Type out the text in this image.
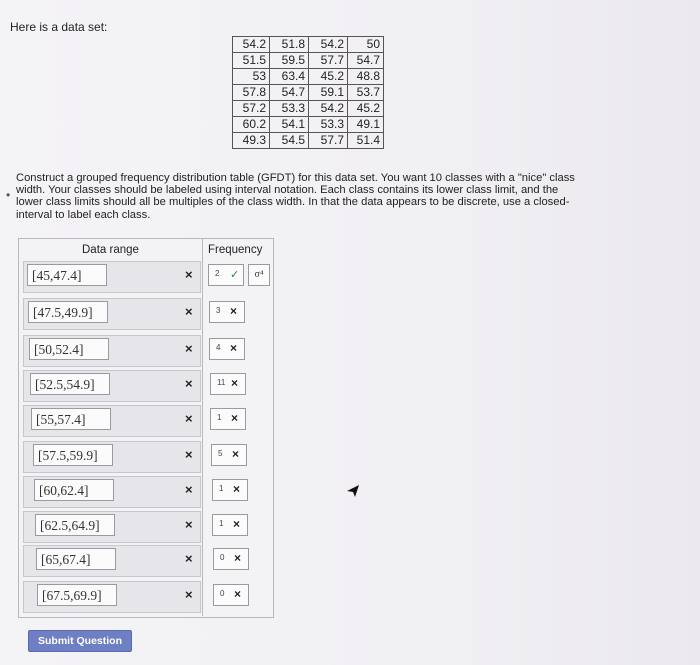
Here is a data set:
54.2	51.8	54.2	50
51.5	59.5	57.7	54.7
53	63.4	45.2	48.8
57.8	54.7	59.1	53.7
57.2	53.3	54.2	45.2
60.2	54.1	53.3	49.1
49.3	54.5	57.7	51.4
•
Construct a grouped frequency distribution table (GFDT) for this data set. You want 10 classes with a "nice" class width. Your classes should be labeled using interval notation. Each class contains its lower class limit, and the lower class limits should all be multiples of the class width. In that the data appears to be discrete, use a closed-interval to label each class.
Data range	Frequency
[45,47.4]	×	2 ✓	σ⁴
[47.5,49.9]	×	3 ×
[50,52.4]	×	4 ×
[52.5,54.9]	×	11 ×
[55,57.4]	×	1 ×
[57.5,59.9]	×	5 ×
[60,62.4]	×	1 ×
[62.5,64.9]	×	1 ×
[65,67.4]	×	0 ×
[67.5,69.9]	×	0 ×
Submit Question
